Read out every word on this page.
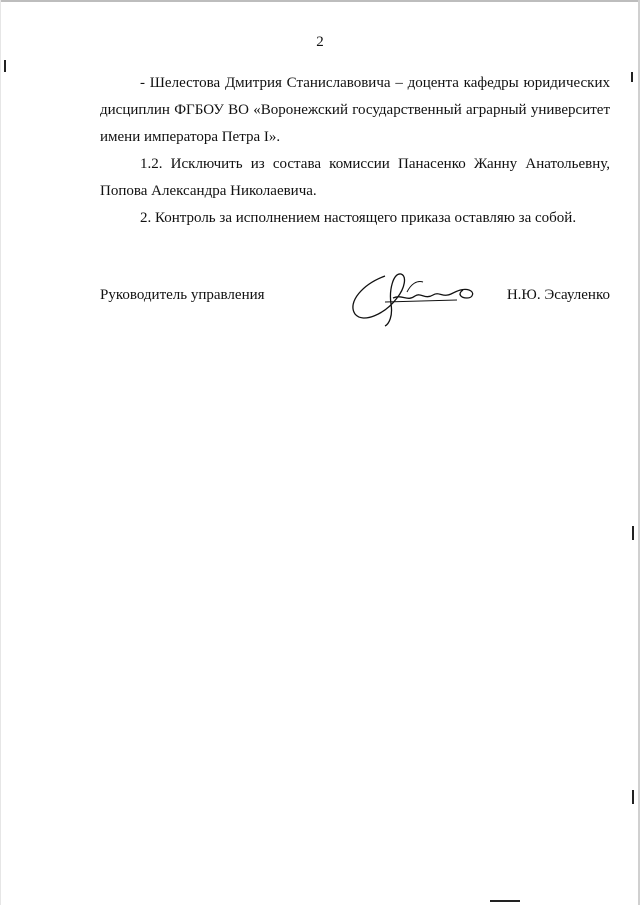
2
- Шелестова Дмитрия Станиславовича – доцента кафедры юридических дисциплин ФГБОУ ВО «Воронежский государственный аграрный университет имени императора Петра I».
1.2. Исключить из состава комиссии Панасенко Жанну Анатольевну, Попова Александра Николаевича.
2. Контроль за исполнением настоящего приказа оставляю за собой.
Руководитель управления	Н.Ю. Эсауленко
